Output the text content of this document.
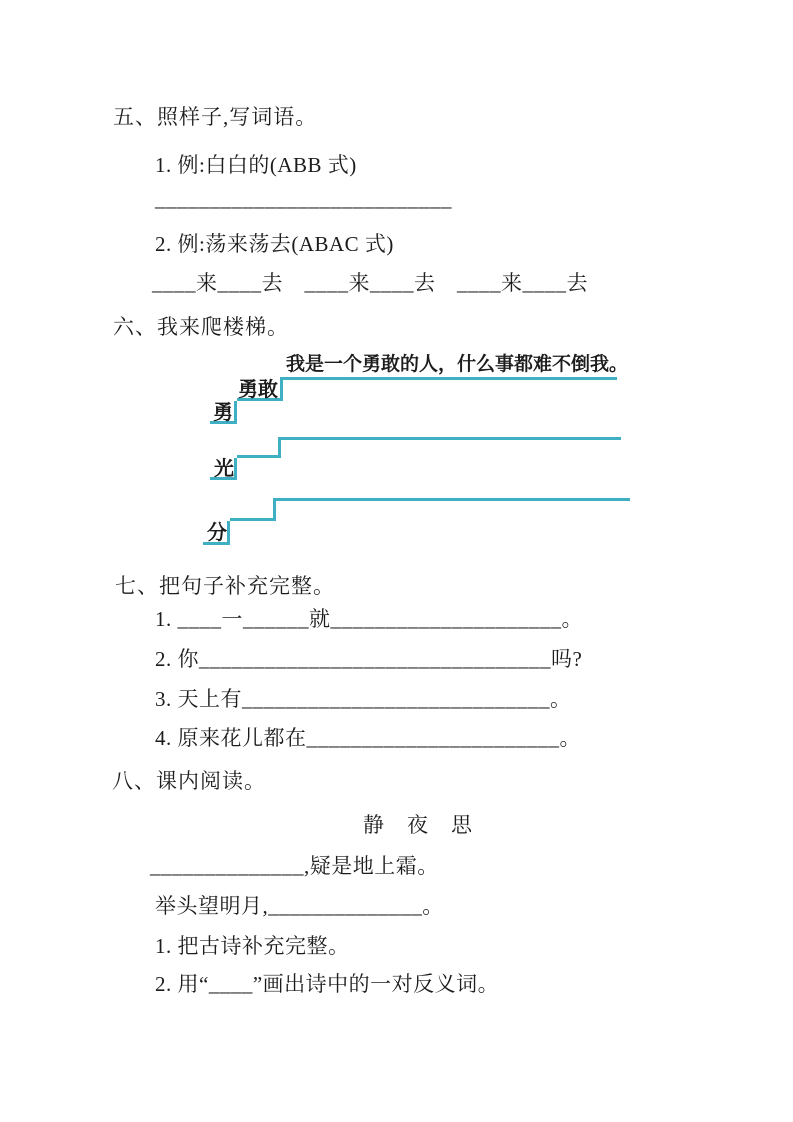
五、照样子,写词语。
1. 例:白白的(ABB 式)
___________________________
2. 例:荡来荡去(ABAC 式)
____来____去　____来____去　____来____去
六、我来爬楼梯。
我是一个勇敢的人，什么事都难不倒我。
勇敢
勇
光
分
七、把句子补充完整。
1. ____一______就_____________________。
2. 你________________________________吗?
3. 天上有____________________________。
4. 原来花儿都在_______________________。
八、课内阅读。
静　夜　思
______________,疑是地上霜。
举头望明月,______________。
1. 把古诗补充完整。
2. 用“____”画出诗中的一对反义词。
